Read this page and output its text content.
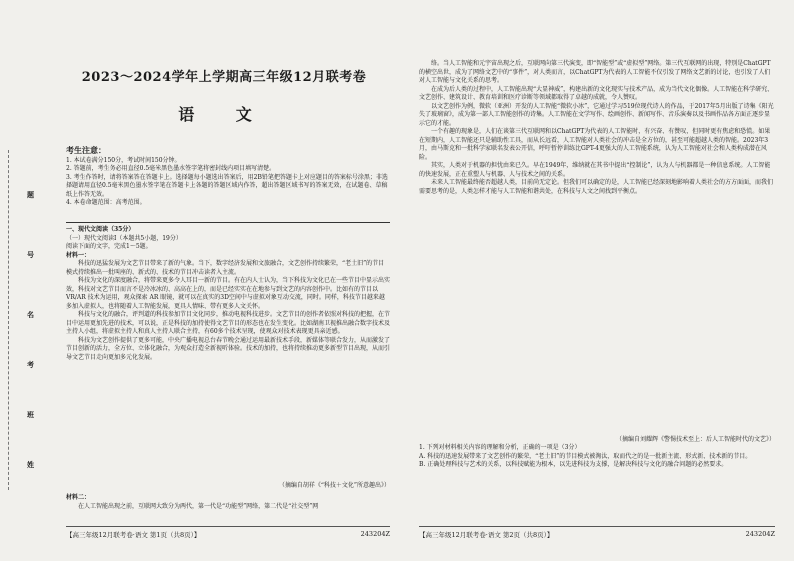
题
号
名
考
班
姓
2023～2024学年上学期高三年级12月联考卷
语 文
考生注意：
1. 本试卷满分150分，考试时间150分钟。
2. 答题前，考生务必用直径0.5毫米黑色墨水签字笔将密封线内项目填写清楚。
3. 考生作答时，请将答案答在答题卡上。选择题每小题选出答案后，用2B铅笔把答题卡上对应题目的答案标号涂黑；非选择题请用直径0.5毫米黑色墨水签字笔在答题卡上各题的答题区域内作答，超出答题区域书写的答案无效，在试题卷、草稿纸上作答无效。
4. 本卷命题范围：高考范围。
一、现代文阅读（35分）
（一）现代文阅读Ⅰ（本题共5小题，19分）
阅读下面的文字，完成1～5题。
材料一：

科技的迅猛发展为文艺节目带来了新的气象。当下，数字经济发展和文旅融合，文艺创作持续繁荣，“老土旧”的节目模式持续推出一批叫座的、新式的、技术的节目冲击读者入主流。

科技为文化的深度融合，将带来更多令人耳目一新的节目。有在内人士认为，当下科技为文化已在一些节目中显示出实效，科技对文艺节目而言不是冷冰冰的、高高在上的，而是已经实实在在地参与到文艺的内容创作中。比如有的节目以 VR/AR 技术为运用，观众探索 AR 眼镜，就可以在真实的3D空间中与虚拟对象互动交流，同时。同样，科技节目越来越多加入虚拟人，也将随着人工智能发展，更具人情味、带有更多人文关怀。

科技与文化的融合，评判道的科技参加节目文化同步，推动电视科技进步。文艺节目的创作者依照对科技的把握，在节目中运用更加先进的技术，可以说，正是科技的加持使得文艺节目的形态也在发生变化。比如湖南卫视推出融合数字技术及主持人小组，将虚拟主持人和真人主持人联合主持，有60多个技术呈现，使观众对技术表现更具亲近感。

科技为文艺创作提供了更多可能，中央广播电视总台春节晚会通过运用最新技术手段，新媒体等联合发力，从而激发了节目创新的活力，全方位、立体化融合，为观众打造全新视听体验。技术的加持，也将持续推动更多新型节目出现，从而引导文艺节目走向更加多元化发展。

（摘编自胡祥《“科技＋文化”所意趣出》）
材料二：

在人工智能出现之前，互联网大致分为两代，第一代是“功能型”网络，第二代是“社交型”网

【高三年级12月联考卷·语文 第1页（共8页）】	243204Z

络。当人工智能和元宇宙出现之后，互联网向第三代演变，即“智能型”或“虚拟型”网络。第三代互联网的出现，特别是ChatGPT的横空出世，成为了网络文艺中的“事件”，对人类而言，以ChatGPT为代表的人工智能不仅引发了网络文艺新的讨论，也引发了人们对人工智能与文化关系的思考。

在成为后人类的过程中，人工智能出现“大显神威”，构建出新的文化现实与技术产品，成为当代文化偶像。人工智能在科学研究、文艺创作、建筑设计、教育培训和医疗诊断等领域都取得了卓越的成就，令人赞叹。

以文艺创作为例，微软（亚洲）开发的人工智能“微软小冰”，它通过学习519位现代诗人的作品，于2017年5月出版了诗集《阳光失了玻璃窗》，成为第一部人工智能创作的诗集。人工智能在文学写作、绘画创作、新闻写作、音乐演奏以及书画作品各方面正逐步显示它的才能。

一个有趣的现象是，人们在谈第三代互联网和以ChatGPT为代表的人工智能时，有兴奋、有赞叹，但同时更有焦虑和恐慌。如果在短期内，人工智能还只是辅助性工具，而从长远看，人工智能对人类社会的冲击是全方位的，甚至可能超越人类的智能。2023年3月，由马斯克和一批科学家联名发表公开信，呼吁暂停训练比GPT-4更强大的人工智能系统，认为人工智能对社会和人类构成潜在风险。

其实，人类对于机器的担忧由来已久。早在1949年，维纳就在其书中提出“控制论”，认为人与机器都是一种信息系统。人工智能的快速发展，正在重塑人与机器、人与技术之间的关系。

未来人工智能最终能否超越人类，目前尚无定论。但我们可以确定的是，人工智能已经深刻地影响着人类社会的方方面面，而我们需要思考的是，人类怎样才能与人工智能和谐共处，在科技与人文之间找到平衡点。

（摘编自刘耀辉《警惕技术至上：后人工智能时代的文艺》）
1. 下列对材料相关内容的理解和分析，正确的一项是（3分）
A. 科技的迅速发展带来了文艺创作的繁荣，“老土旧”的节目模式被淘汰，取而代之的是一批新主流、形式新、技术新的节目。
B. 正确处理科技与艺术的关系，以科技赋能为根本，以先进科技为支撑，是解决科技与文化的融合问题的必然要求。
【高三年级12月联考卷·语文 第2页（共8页）】	243204Z
